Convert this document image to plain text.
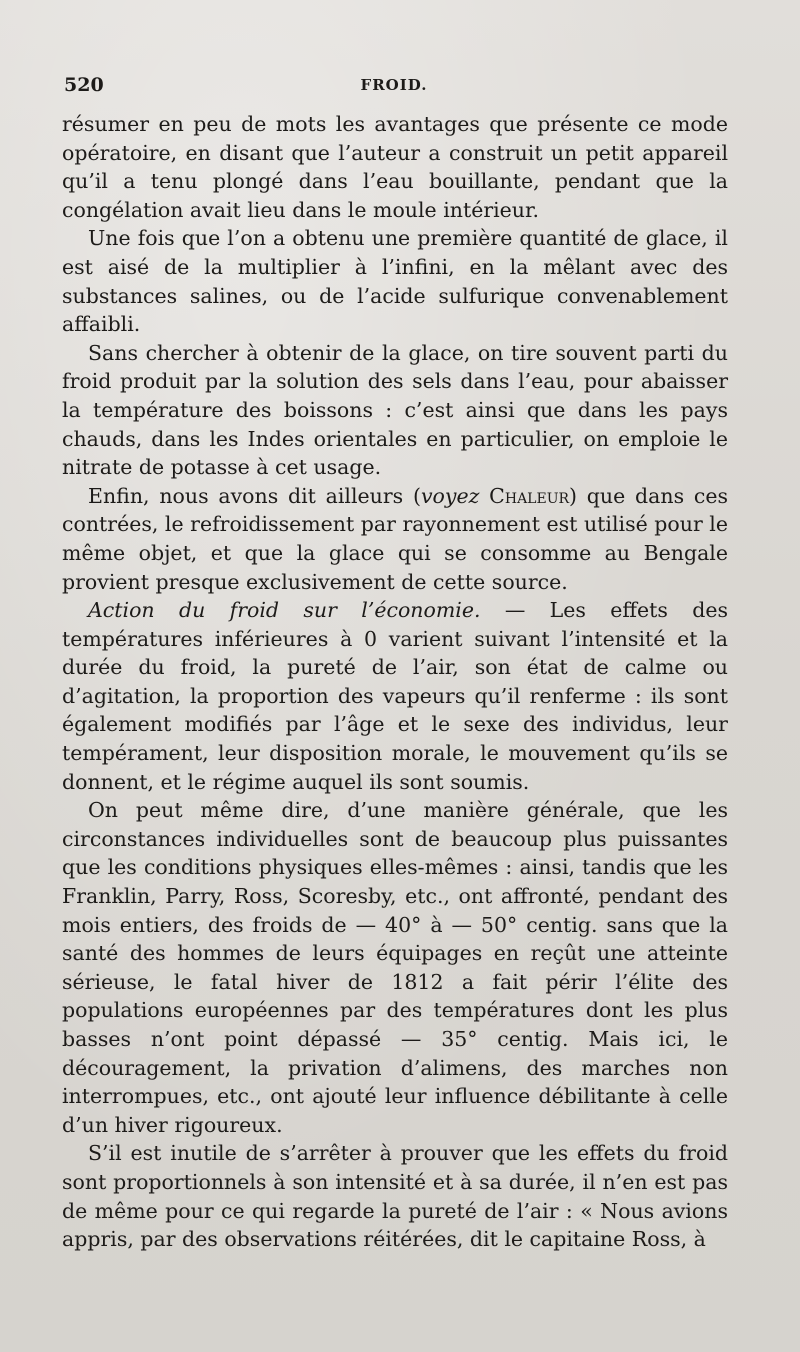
520	FROID.

résumer en peu de mots les avantages que présente ce mode opératoire, en disant que l’auteur a construit un petit appareil qu’il a tenu plongé dans l’eau bouillante, pendant que la congélation avait lieu dans le moule intérieur.

Une fois que l’on a obtenu une première quantité de glace, il est aisé de la multiplier à l’infini, en la mêlant avec des substances salines, ou de l’acide sulfurique convenablement affaibli.

Sans chercher à obtenir de la glace, on tire souvent parti du froid produit par la solution des sels dans l’eau, pour abaisser la température des boissons : c’est ainsi que dans les pays chauds, dans les Indes orientales en particulier, on emploie le nitrate de potasse à cet usage.

Enfin, nous avons dit ailleurs (voyez Chaleur) que dans ces contrées, le refroidissement par rayonnement est utilisé pour le même objet, et que la glace qui se consomme au Bengale provient presque exclusivement de cette source.

Action du froid sur l’économie. — Les effets des températures inférieures à 0 varient suivant l’intensité et la durée du froid, la pureté de l’air, son état de calme ou d’agitation, la proportion des vapeurs qu’il renferme : ils sont également modifiés par l’âge et le sexe des individus, leur tempérament, leur disposition morale, le mouvement qu’ils se donnent, et le régime auquel ils sont soumis.

On peut même dire, d’une manière générale, que les circonstances individuelles sont de beaucoup plus puissantes que les conditions physiques elles-mêmes : ainsi, tandis que les Franklin, Parry, Ross, Scoresby, etc., ont affronté, pendant des mois entiers, des froids de — 40° à — 50° centig. sans que la santé des hommes de leurs équipages en reçût une atteinte sérieuse, le fatal hiver de 1812 a fait périr l’élite des populations européennes par des températures dont les plus basses n’ont point dépassé — 35° centig. Mais ici, le découragement, la privation d’alimens, des marches non interrompues, etc., ont ajouté leur influence débilitante à celle d’un hiver rigoureux.

S’il est inutile de s’arrêter à prouver que les effets du froid sont proportionnels à son intensité et à sa durée, il n’en est pas de même pour ce qui regarde la pureté de l’air : « Nous avions appris, par des observations réitérées, dit le capitaine Ross, à
